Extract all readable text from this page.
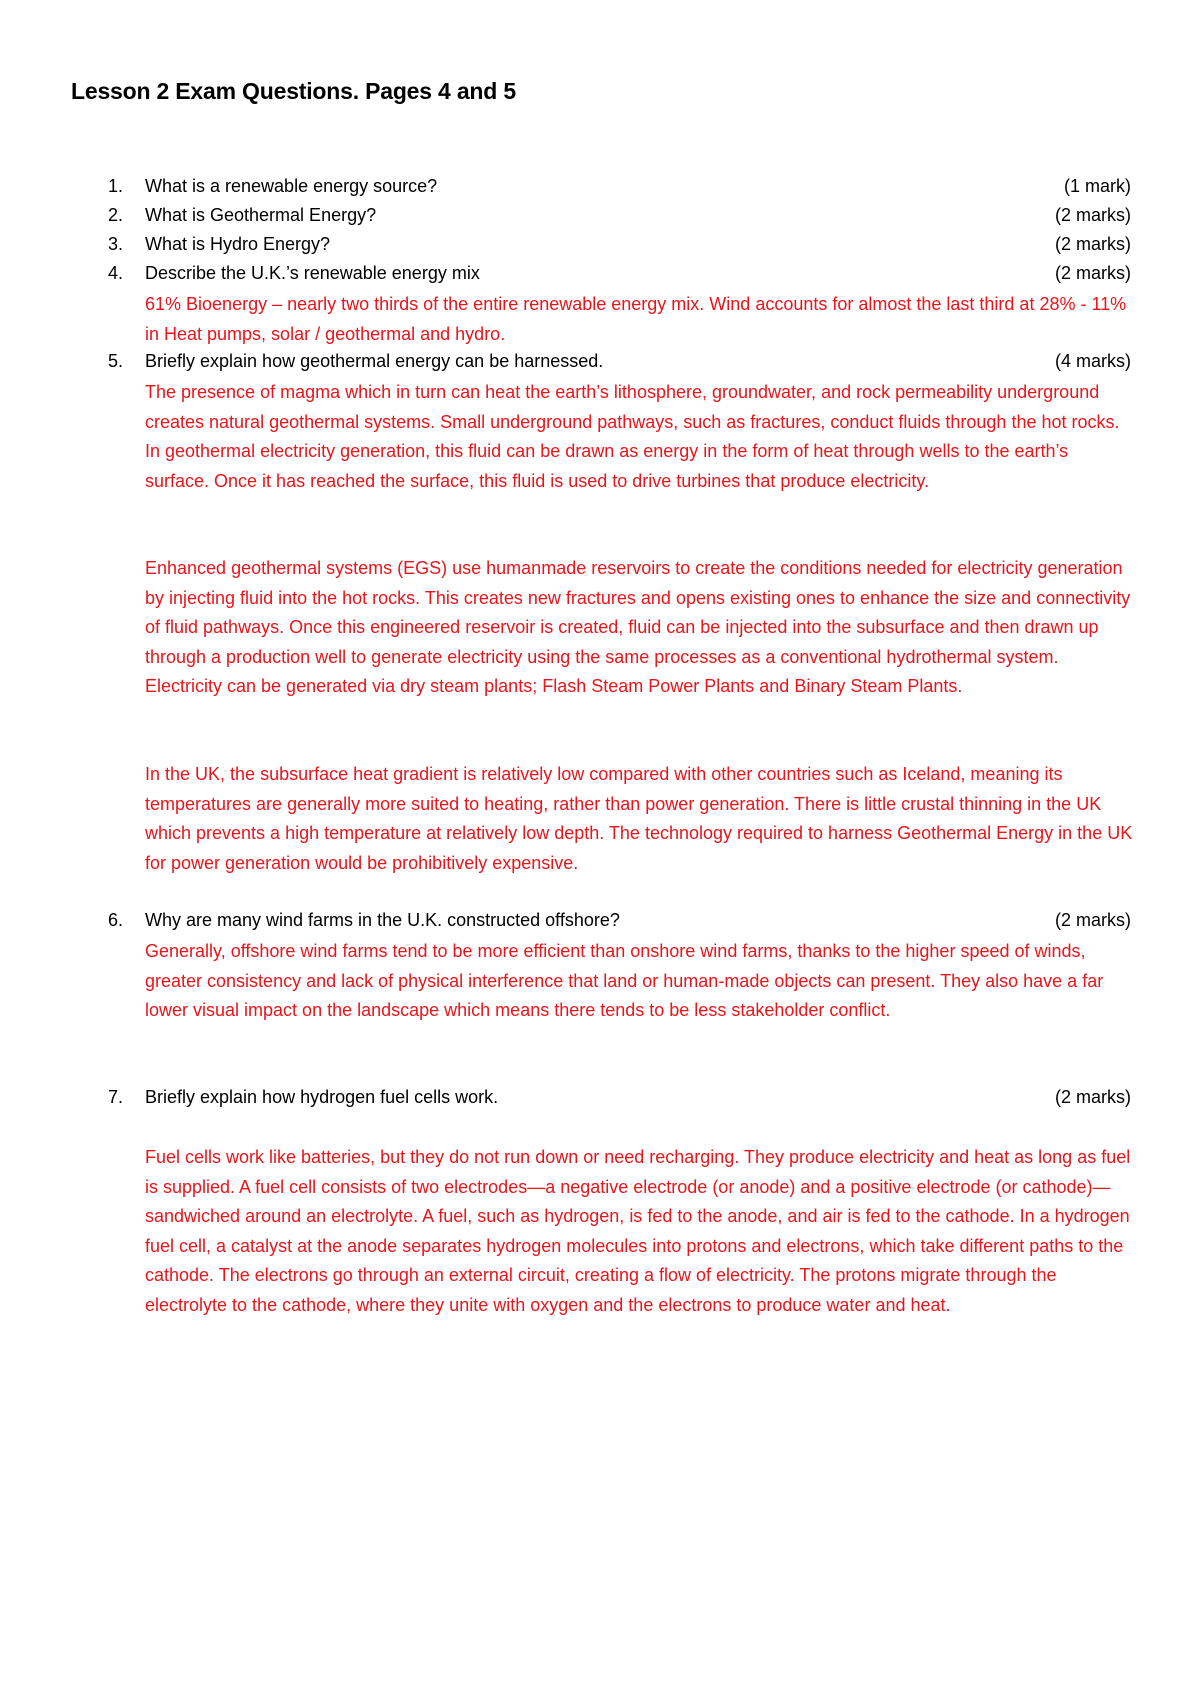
Lesson 2 Exam Questions. Pages 4 and 5
1. What is a renewable energy source?	(1 mark)
2. What is Geothermal Energy?	(2 marks)
3. What is Hydro Energy?	(2 marks)
4. Describe the U.K.’s renewable energy mix	(2 marks)

61% Bioenergy – nearly two thirds of the entire renewable energy mix. Wind accounts for almost the last third at 28% - 11% in Heat pumps, solar / geothermal and hydro.

5. Briefly explain how geothermal energy can be harnessed.	(4 marks)

The presence of magma which in turn can heat the earth’s lithosphere, groundwater, and rock permeability underground creates natural geothermal systems. Small underground pathways, such as fractures, conduct fluids through the hot rocks. In geothermal electricity generation, this fluid can be drawn as energy in the form of heat through wells to the earth’s surface. Once it has reached the surface, this fluid is used to drive turbines that produce electricity.

Enhanced geothermal systems (EGS) use humanmade reservoirs to create the conditions needed for electricity generation by injecting fluid into the hot rocks. This creates new fractures and opens existing ones to enhance the size and connectivity of fluid pathways. Once this engineered reservoir is created, fluid can be injected into the subsurface and then drawn up through a production well to generate electricity using the same processes as a conventional hydrothermal system. Electricity can be generated via dry steam plants; Flash Steam Power Plants and Binary Steam Plants.

In the UK, the subsurface heat gradient is relatively low compared with other countries such as Iceland, meaning its temperatures are generally more suited to heating, rather than power generation. There is little crustal thinning in the UK which prevents a high temperature at relatively low depth. The technology required to harness Geothermal Energy in the UK for power generation would be prohibitively expensive.

6. Why are many wind farms in the U.K. constructed offshore?	(2 marks)

Generally, offshore wind farms tend to be more efficient than onshore wind farms, thanks to the higher speed of winds, greater consistency and lack of physical interference that land or human-made objects can present. They also have a far lower visual impact on the landscape which means there tends to be less stakeholder conflict.

7. Briefly explain how hydrogen fuel cells work.	(2 marks)

Fuel cells work like batteries, but they do not run down or need recharging. They produce electricity and heat as long as fuel is supplied. A fuel cell consists of two electrodes—a negative electrode (or anode) and a positive electrode (or cathode)—sandwiched around an electrolyte. A fuel, such as hydrogen, is fed to the anode, and air is fed to the cathode. In a hydrogen fuel cell, a catalyst at the anode separates hydrogen molecules into protons and electrons, which take different paths to the cathode. The electrons go through an external circuit, creating a flow of electricity. The protons migrate through the electrolyte to the cathode, where they unite with oxygen and the electrons to produce water and heat.
